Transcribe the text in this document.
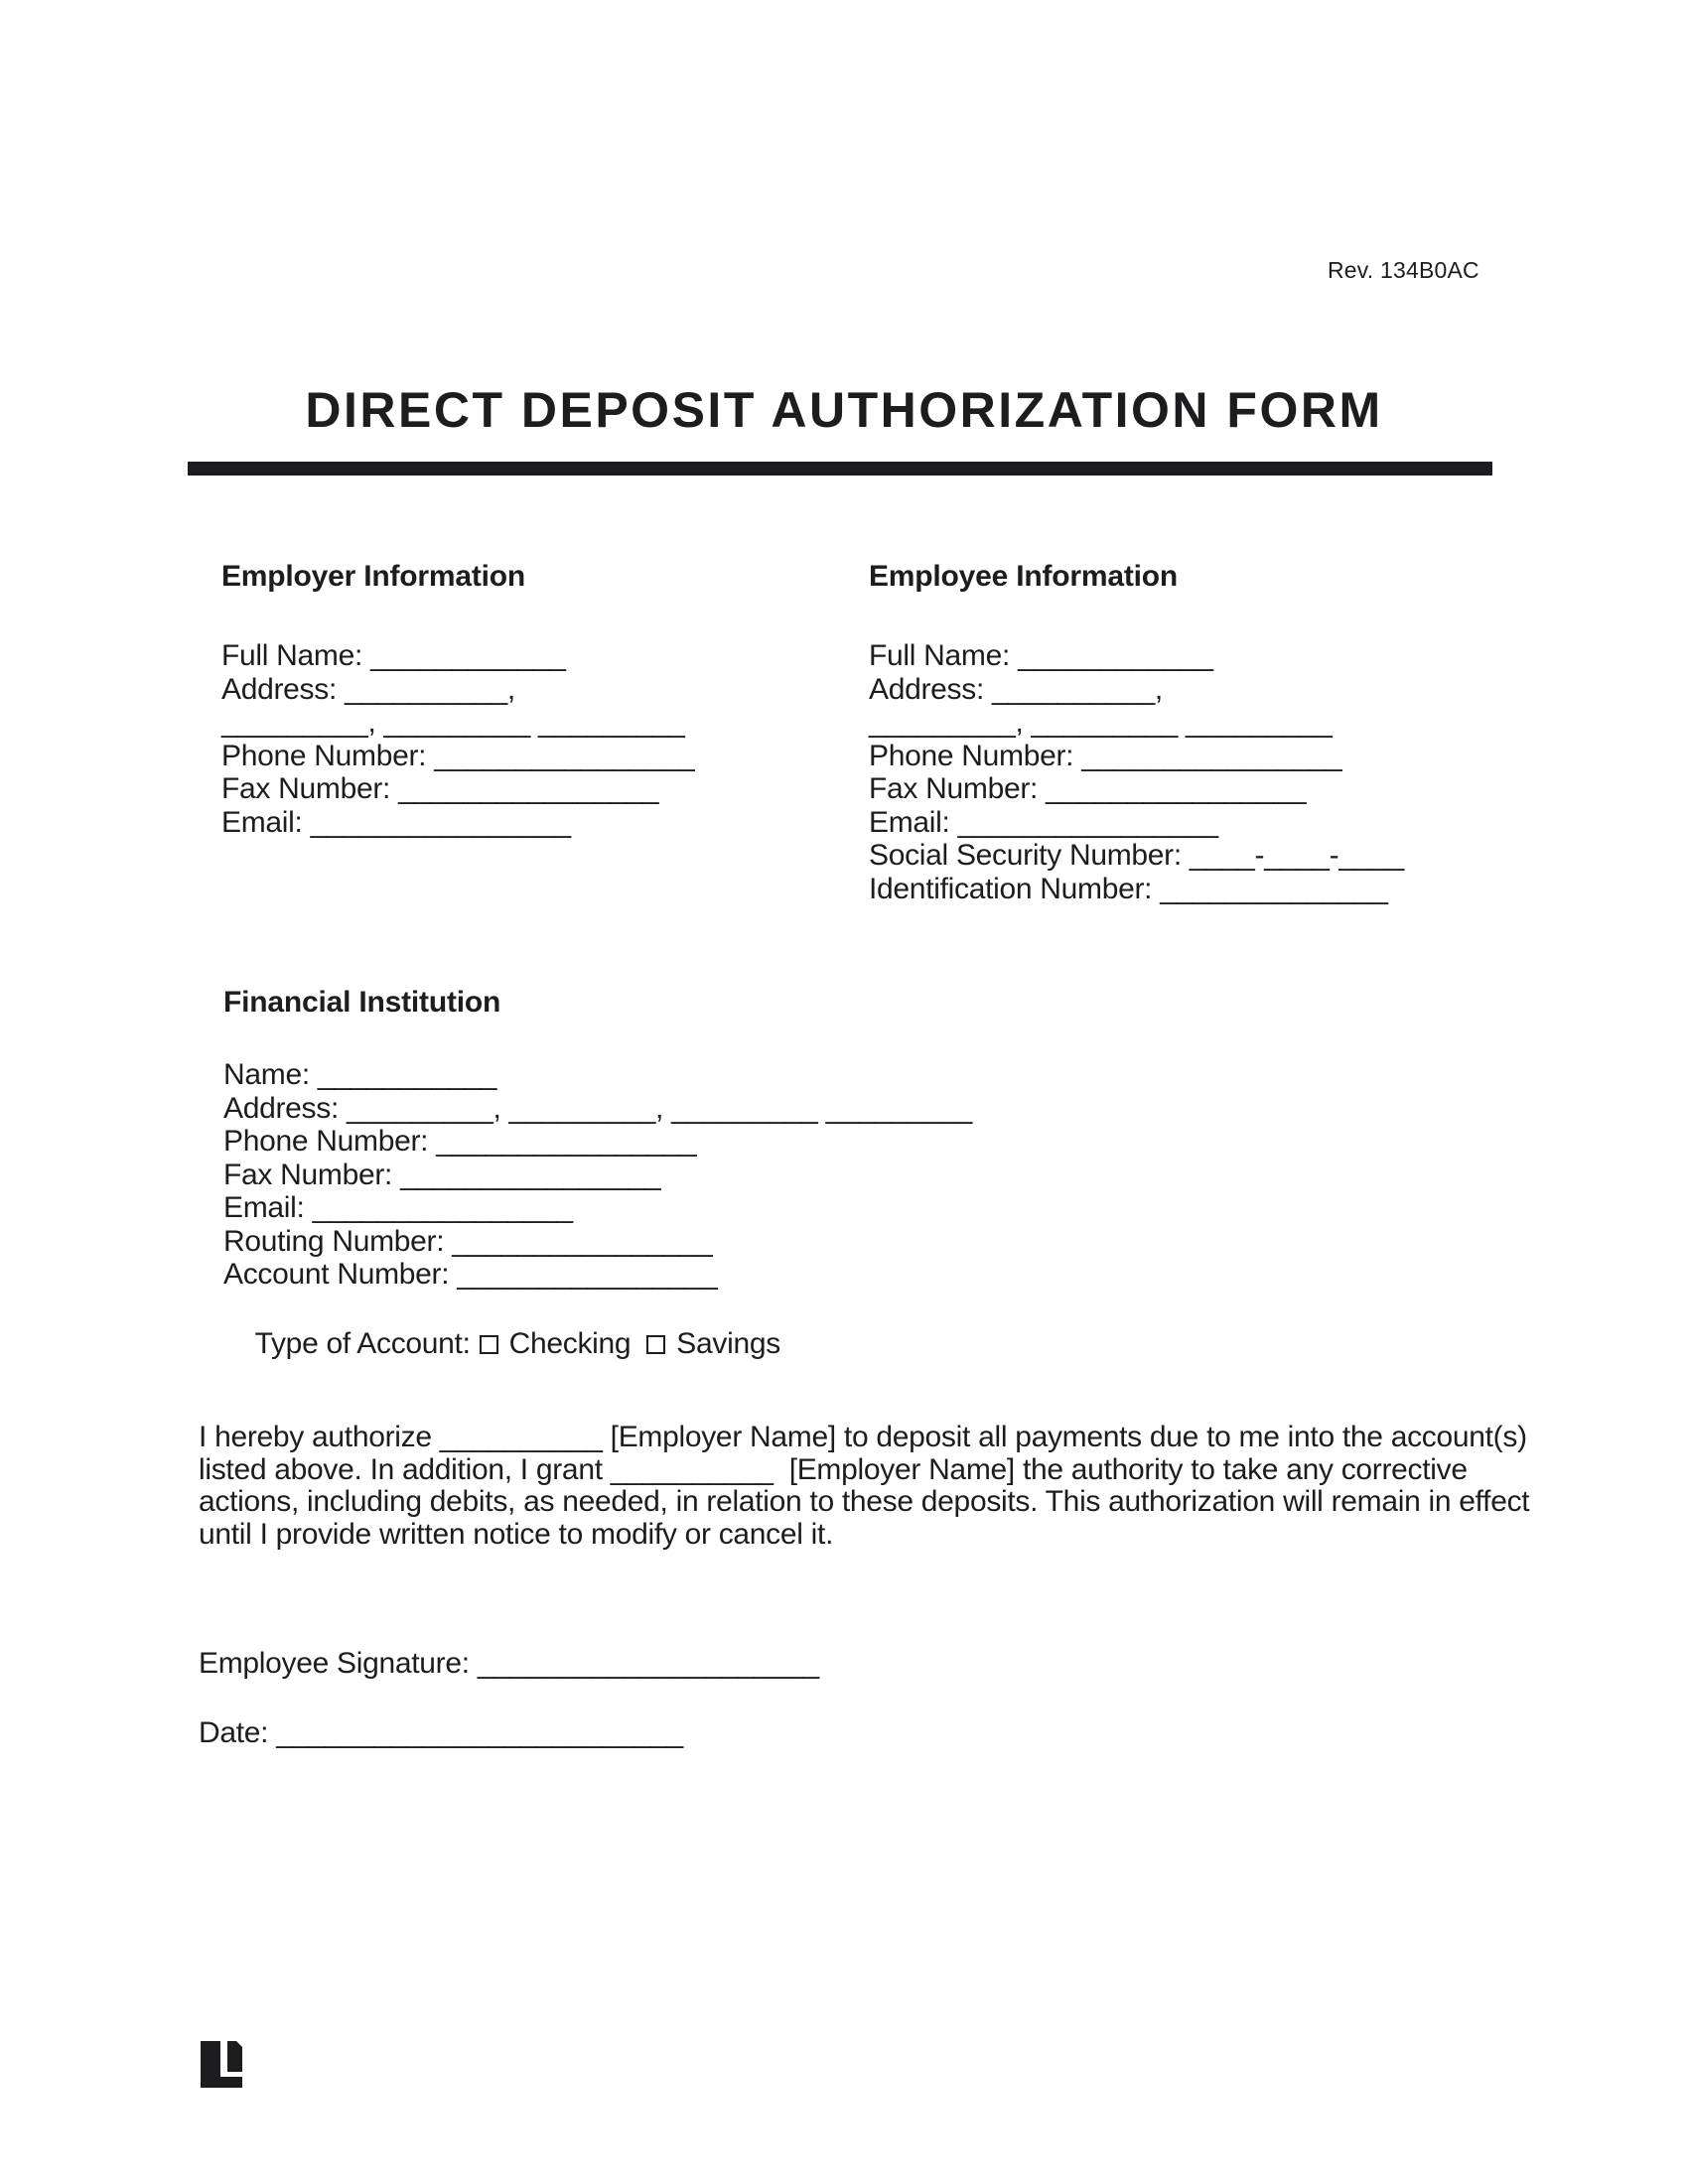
Rev. 134B0AC
DIRECT DEPOSIT AUTHORIZATION FORM
Employer Information
Full Name: ____________
Address: __________,
_________, _________ _________
Phone Number: ________________
Fax Number: ________________
Email: ________________
Employee Information
Full Name: ____________
Address: __________,
_________, _________ _________
Phone Number: ________________
Fax Number: ________________
Email: ________________
Social Security Number: ____-____-____
Identification Number: ______________
Financial Institution
Name: ___________
Address: _________, _________, _________ _________
Phone Number: ________________
Fax Number: ________________
Email: ________________
Routing Number: ________________
Account Number: ________________

Type of Account: Checking Savings

I hereby authorize __________ [Employer Name] to deposit all payments due to me into the account(s)
listed above. In addition, I grant __________  [Employer Name] the authority to take any corrective
actions, including debits, as needed, in relation to these deposits. This authorization will remain in effect
until I provide written notice to modify or cancel it.
Employee Signature: _____________________
Date: _________________________
